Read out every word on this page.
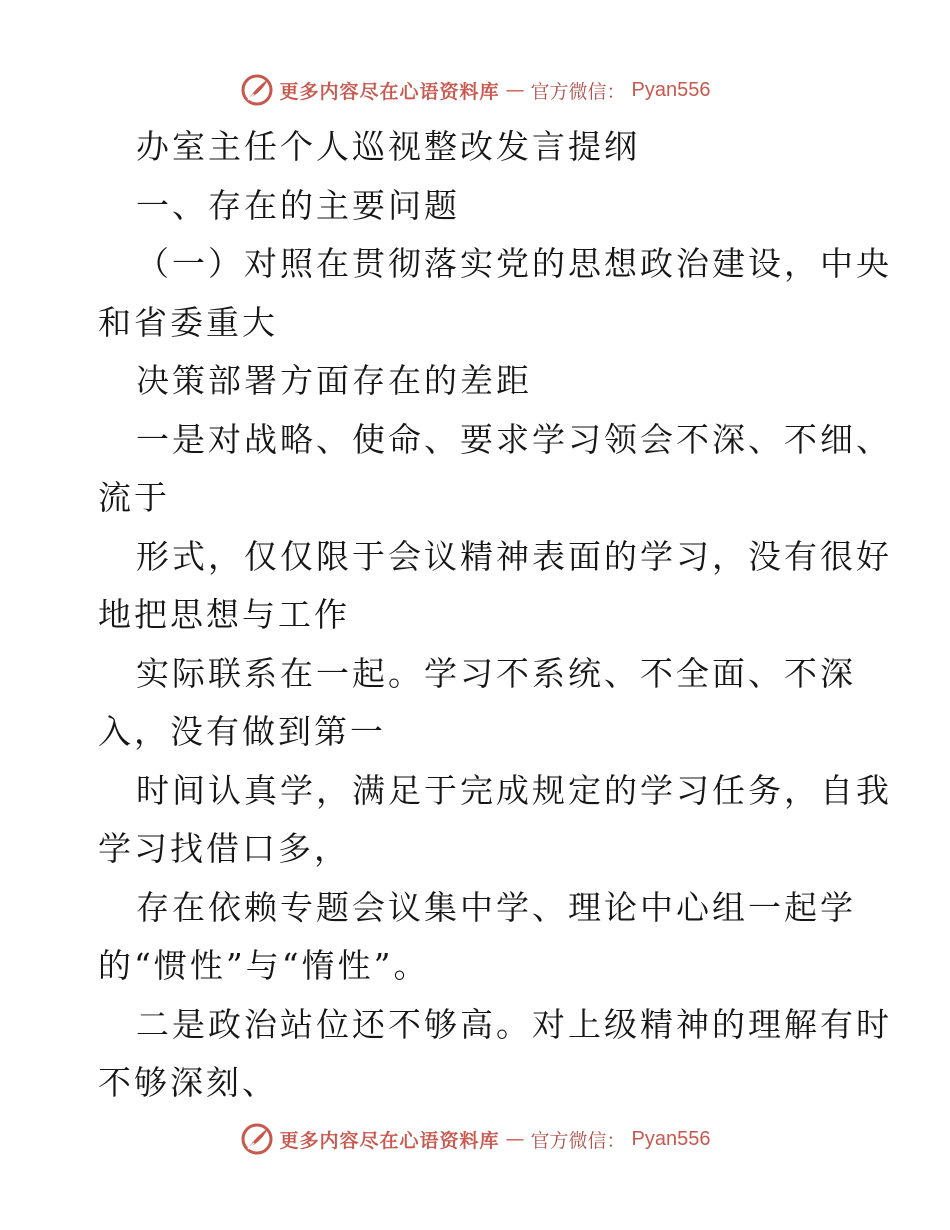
更多内容尽在心语资料库 — 官方微信： Pyan556
办室主任个人巡视整改发言提纲
一、存在的主要问题
（一）对照在贯彻落实党的思想政治建设，中央
和省委重大
决策部署方面存在的差距
一是对战略、使命、要求学习领会不深、不细、
流于
形式，仅仅限于会议精神表面的学习，没有很好
地把思想与工作
实际联系在一起。学习不系统、不全面、不深
入，没有做到第一
时间认真学，满足于完成规定的学习任务，自我
学习找借口多，
存在依赖专题会议集中学、理论中心组一起学
的“惯性”与“惰性”。
二是政治站位还不够高。对上级精神的理解有时
不够深刻、
更多内容尽在心语资料库 — 官方微信： Pyan556
